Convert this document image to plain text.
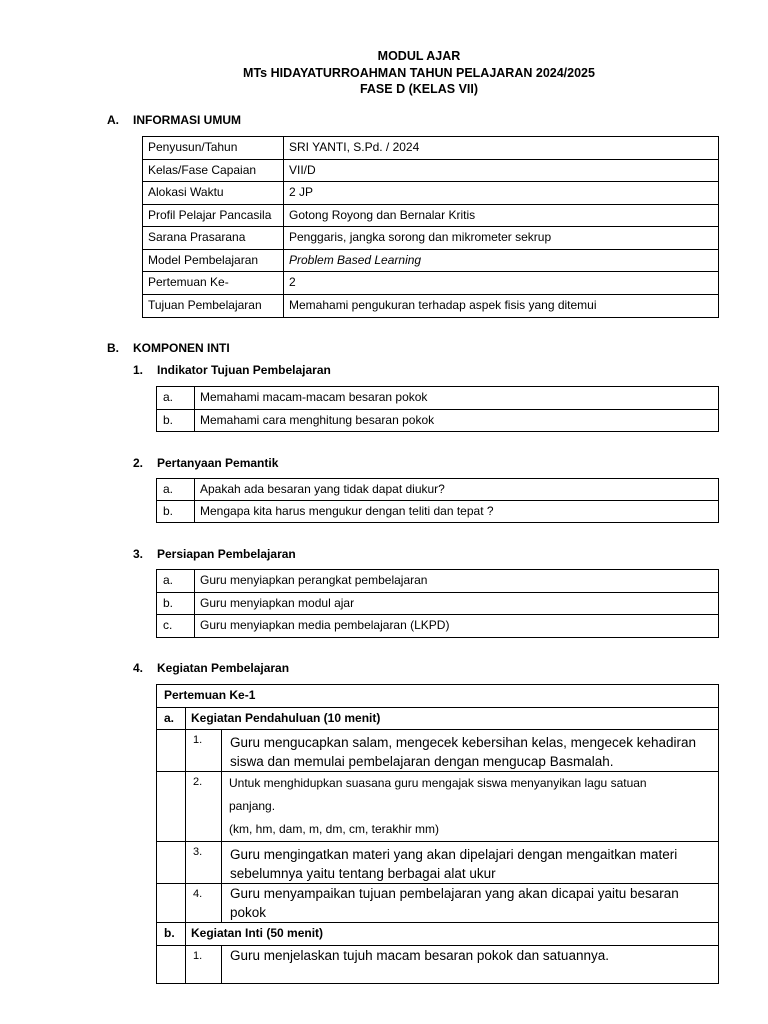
MODUL AJAR
MTs HIDAYATURROAHMAN TAHUN PELAJARAN 2024/2025
FASE D (KELAS VII)
A. INFORMASI UMUM
Penyusun/Tahun	SRI YANTI, S.Pd. / 2024
Kelas/Fase Capaian	VII/D
Alokasi Waktu	2 JP
Profil Pelajar Pancasila	Gotong Royong dan Bernalar Kritis
Sarana Prasarana	Penggaris, jangka sorong dan mikrometer sekrup
Model Pembelajaran	Problem Based Learning
Pertemuan Ke-	2
Tujuan Pembelajaran	Memahami pengukuran terhadap aspek fisis yang ditemui
B. KOMPONEN INTI
1. Indikator Tujuan Pembelajaran
a.	Memahami macam-macam besaran pokok
b.	Memahami cara menghitung besaran pokok
2. Pertanyaan Pemantik
a.	Apakah ada besaran yang tidak dapat diukur?
b.	Mengapa kita harus mengukur dengan teliti dan tepat ?
3. Persiapan Pembelajaran
a.	Guru menyiapkan perangkat pembelajaran
b.	Guru menyiapkan modul ajar
c.	Guru menyiapkan media pembelajaran (LKPD)
4. Kegiatan Pembelajaran
Pertemuan Ke-1		
a.	Kegiatan Pendahuluan (10 menit)	
	1.	Guru mengucapkan salam, mengecek kebersihan kelas, mengecek kehadiran siswa dan memulai pembelajaran dengan mengucap Basmalah.
	2.	Untuk menghidupkan suasana guru mengajak siswa menyanyikan lagu satuan panjang.
(km, hm, dam, m, dm, cm, terakhir mm)

	3.	Guru mengingatkan materi yang akan dipelajari dengan mengaitkan materi sebelumnya yaitu tentang berbagai alat ukur
	4.	Guru menyampaikan tujuan pembelajaran yang akan dicapai yaitu besaran pokok
b.	Kegiatan Inti (50 menit)	
	1.	Guru menjelaskan tujuh macam besaran pokok dan satuannya.
